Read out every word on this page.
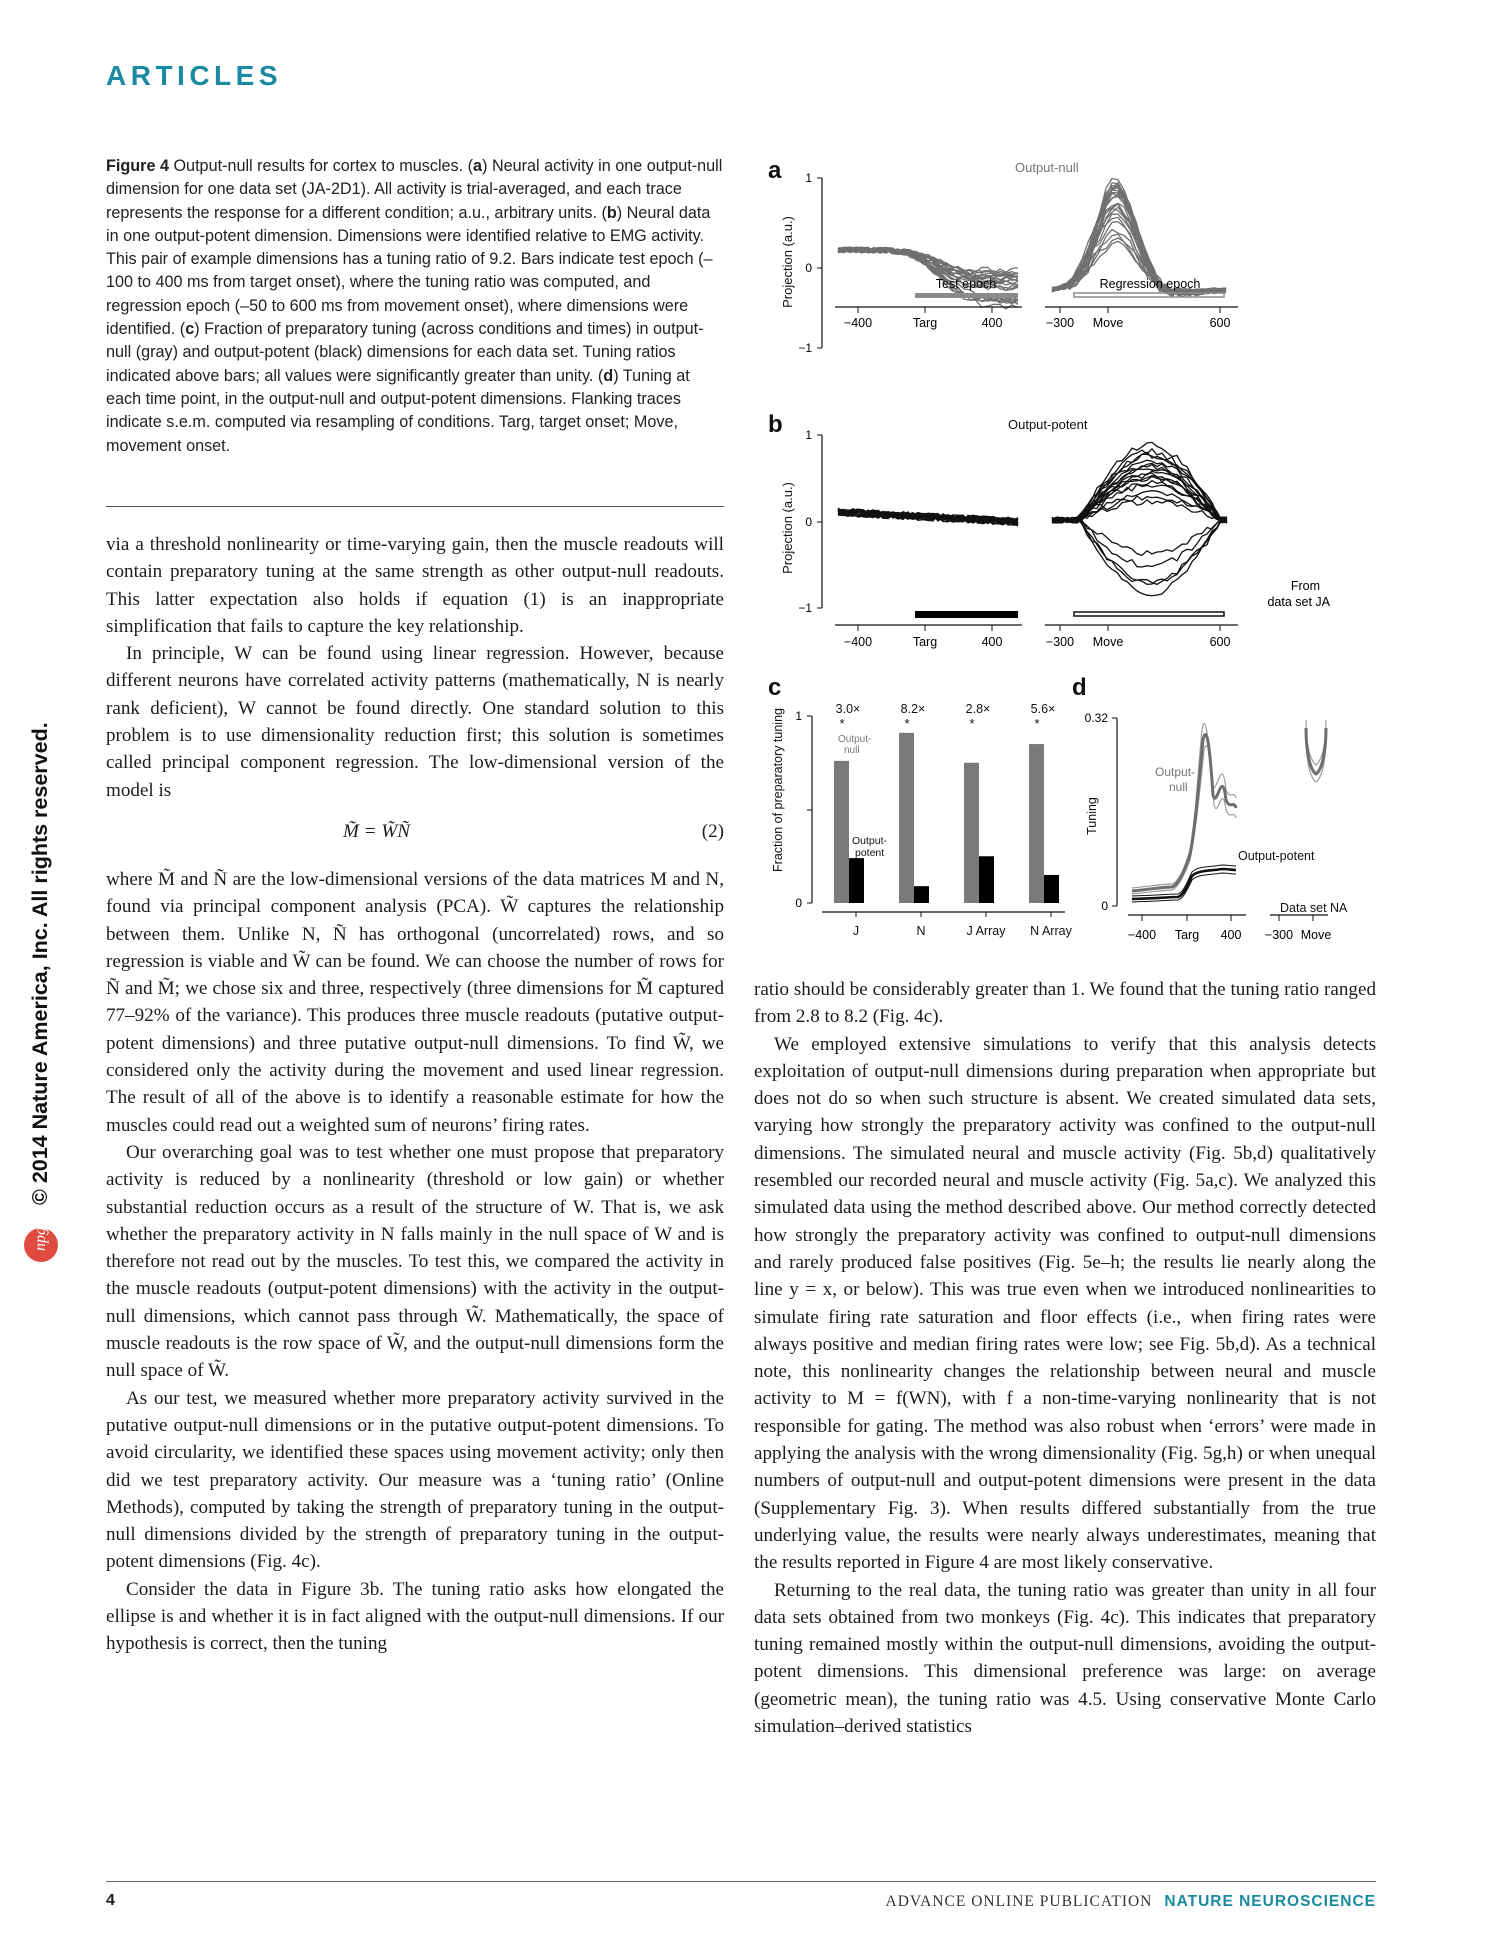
ARTICLES
© 2014 Nature America, Inc. All rights reserved.
npg
Figure 4 Output-null results for cortex to muscles. (a) Neural activity in one output-null dimension for one data set (JA-2D1). All activity is trial-averaged, and each trace represents the response for a different condition; a.u., arbitrary units. (b) Neural data in one output-potent dimension. Dimensions were identified relative to EMG activity. This pair of example dimensions has a tuning ratio of 9.2. Bars indicate test epoch (–100 to 400 ms from target onset), where the tuning ratio was computed, and regression epoch (–50 to 600 ms from movement onset), where dimensions were identified. (c) Fraction of preparatory tuning (across conditions and times) in output-null (gray) and output-potent (black) dimensions for each data set. Tuning ratios indicated above bars; all values were significantly greater than unity. (d) Tuning at each time point, in the output-null and output-potent dimensions. Flanking traces indicate s.e.m. computed via resampling of conditions. Targ, target onset; Move, movement onset.

via a threshold nonlinearity or time-varying gain, then the muscle readouts will contain preparatory tuning at the same strength as other output-null readouts. This latter expectation also holds if equation (1) is an inappropriate simplification that fails to capture the key relationship.

In principle, W can be found using linear regression. However, because different neurons have correlated activity patterns (mathematically, N is nearly rank deficient), W cannot be found directly. One standard solution to this problem is to use dimensionality reduction first; this solution is sometimes called principal component regression. The low-dimensional version of the model is

M̃ = W̃Ñ	(2)

where M̃ and Ñ are the low-dimensional versions of the data matrices M and N, found via principal component analysis (PCA). W̃ captures the relationship between them. Unlike N, Ñ has orthogonal (uncorrelated) rows, and so regression is viable and W̃ can be found. We can choose the number of rows for Ñ and M̃; we chose six and three, respectively (three dimensions for M̃ captured 77–92% of the variance). This produces three muscle readouts (putative output-potent dimensions) and three putative output-null dimensions. To find W̃, we considered only the activity during the movement and used linear regression. The result of all of the above is to identify a reasonable estimate for how the muscles could read out a weighted sum of neurons’ firing rates.

Our overarching goal was to test whether one must propose that preparatory activity is reduced by a nonlinearity (threshold or low gain) or whether substantial reduction occurs as a result of the structure of W. That is, we ask whether the preparatory activity in N falls mainly in the null space of W and is therefore not read out by the muscles. To test this, we compared the activity in the muscle readouts (output-potent dimensions) with the activity in the output-null dimensions, which cannot pass through W̃. Mathematically, the space of muscle readouts is the row space of W̃, and the output-null dimensions form the null space of W̃.

As our test, we measured whether more preparatory activity survived in the putative output-null dimensions or in the putative output-potent dimensions. To avoid circularity, we identified these spaces using movement activity; only then did we test preparatory activity. Our measure was a ‘tuning ratio’ (Online Methods), computed by taking the strength of preparatory tuning in the output-null dimensions divided by the strength of preparatory tuning in the output-potent dimensions (Fig. 4c).

Consider the data in Figure 3b. The tuning ratio asks how elongated the ellipse is and whether it is in fact aligned with the output-null dimensions. If our hypothesis is correct, then the tuning

ratio should be considerably greater than 1. We found that the tuning ratio ranged from 2.8 to 8.2 (Fig. 4c).

We employed extensive simulations to verify that this analysis detects exploitation of output-null dimensions during preparation when appropriate but does not do so when such structure is absent. We created simulated data sets, varying how strongly the preparatory activity was confined to the output-null dimensions. The simulated neural and muscle activity (Fig. 5b,d) qualitatively resembled our recorded neural and muscle activity (Fig. 5a,c). We analyzed this simulated data using the method described above. Our method correctly detected how strongly the preparatory activity was confined to output-null dimensions and rarely produced false positives (Fig. 5e–h; the results lie nearly along the line y = x, or below). This was true even when we introduced nonlinearities to simulate firing rate saturation and floor effects (i.e., when firing rates were always positive and median firing rates were low; see Fig. 5b,d). As a technical note, this nonlinearity changes the relationship between neural and muscle activity to M = f(WN), with f a non-time-varying nonlinearity that is not responsible for gating. The method was also robust when ‘errors’ were made in applying the analysis with the wrong dimensionality (Fig. 5g,h) or when unequal numbers of output-null and output-potent dimensions were present in the data (Supplementary Fig. 3). When results differed substantially from the true underlying value, the results were nearly always underestimates, meaning that the results reported in Figure 4 are most likely conservative.

Returning to the real data, the tuning ratio was greater than unity in all four data sets obtained from two monkeys (Fig. 4c). This indicates that preparatory tuning remained mostly within the output-null dimensions, avoiding the output-potent dimensions. This dimensional preference was large: on average (geometric mean), the tuning ratio was 4.5. Using conservative Monte Carlo simulation–derived statistics

4	ADVANCE ONLINE PUBLICATION NATURE NEUROSCIENCE
a	Output-null
Projection (a.u.)
1
0
−1
Test epoch	Regression epoch
−400	Targ	400	−300 Move	600
b	Output-potent
Projection (a.u.)
1
0
−1
From
data set JA
−400	Targ	400	−300 Move	600
c
Fraction of preparatory tuning 1
0
J
3.0×
*
N
8.2×
*
J Array
2.8×
*
N Array
5.6×
*
Output-
null
Output-
potent
d
Tuning
0.32
0
Output-
null
Output-potent
Data set NA
−400 Targ 400 −300 Move
